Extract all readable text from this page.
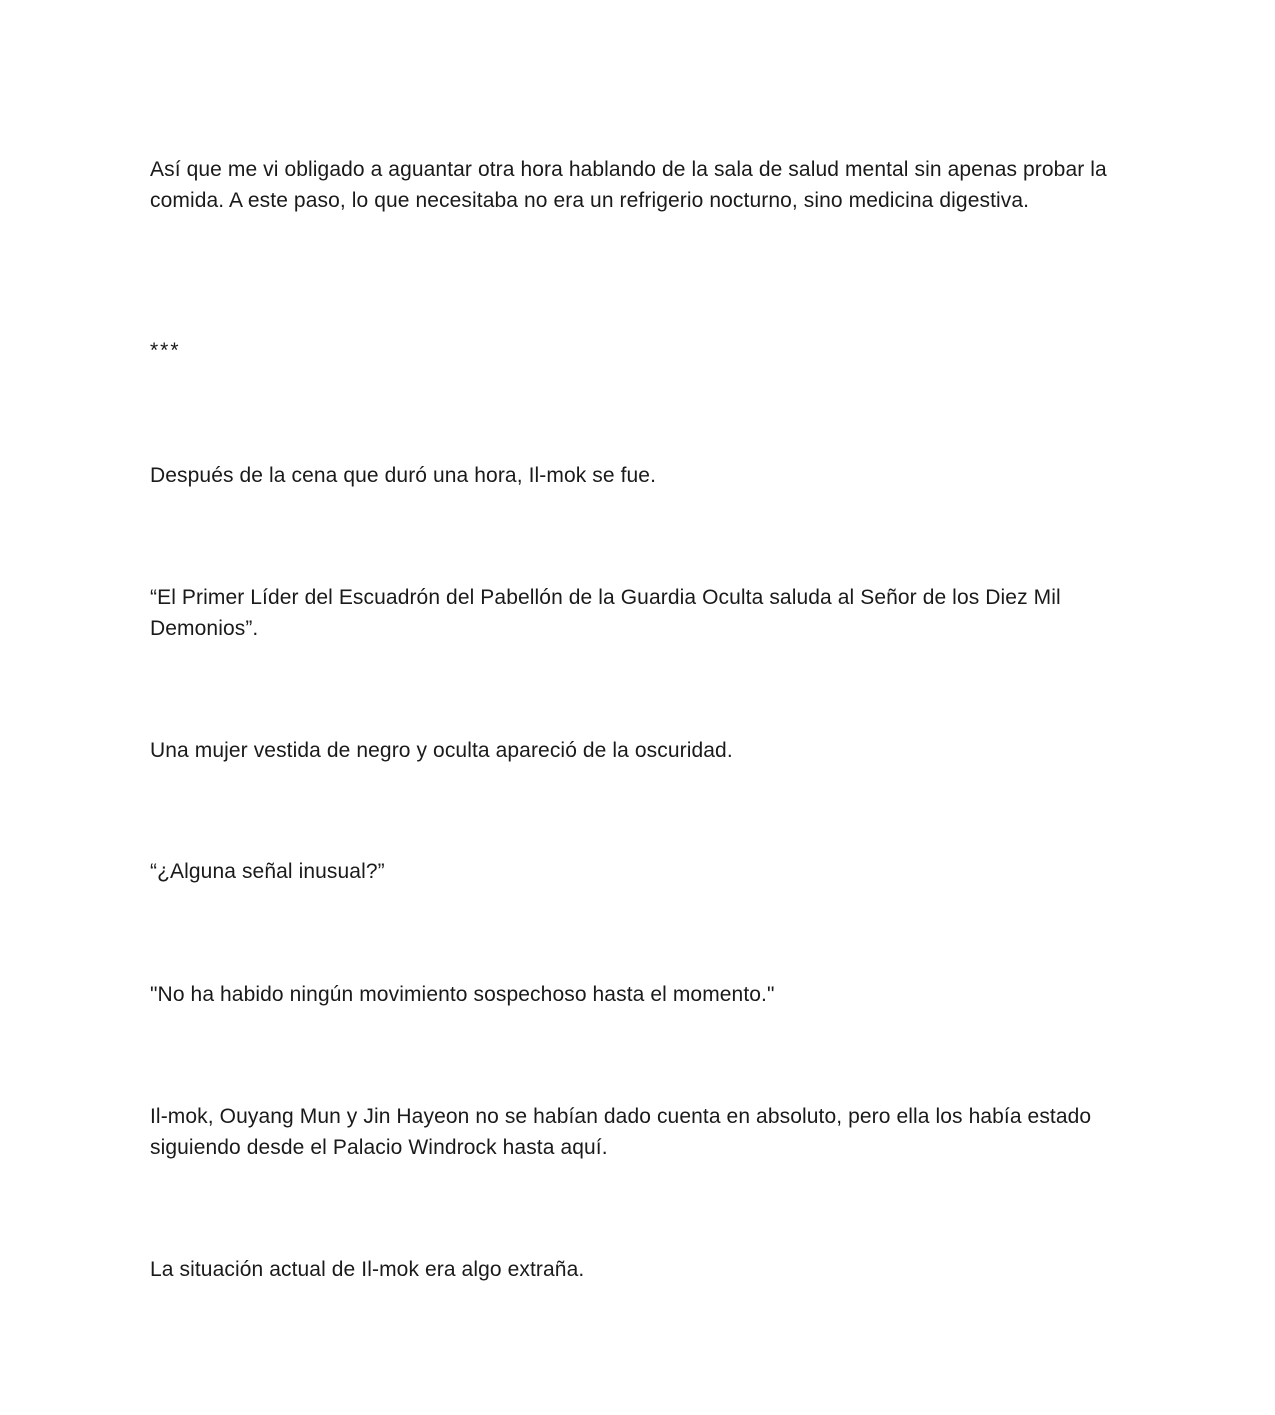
Así que me vi obligado a aguantar otra hora hablando de la sala de salud mental sin apenas probar la comida. A este paso, lo que necesitaba no era un refrigerio nocturno, sino medicina digestiva.

***

Después de la cena que duró una hora, Il-mok se fue.

“El Primer Líder del Escuadrón del Pabellón de la Guardia Oculta saluda al Señor de los Diez Mil Demonios”.

Una mujer vestida de negro y oculta apareció de la oscuridad.

“¿Alguna señal inusual?”

"No ha habido ningún movimiento sospechoso hasta el momento."

Il-mok, Ouyang Mun y Jin Hayeon no se habían dado cuenta en absoluto, pero ella los había estado siguiendo desde el Palacio Windrock hasta aquí.

La situación actual de Il-mok era algo extraña.
